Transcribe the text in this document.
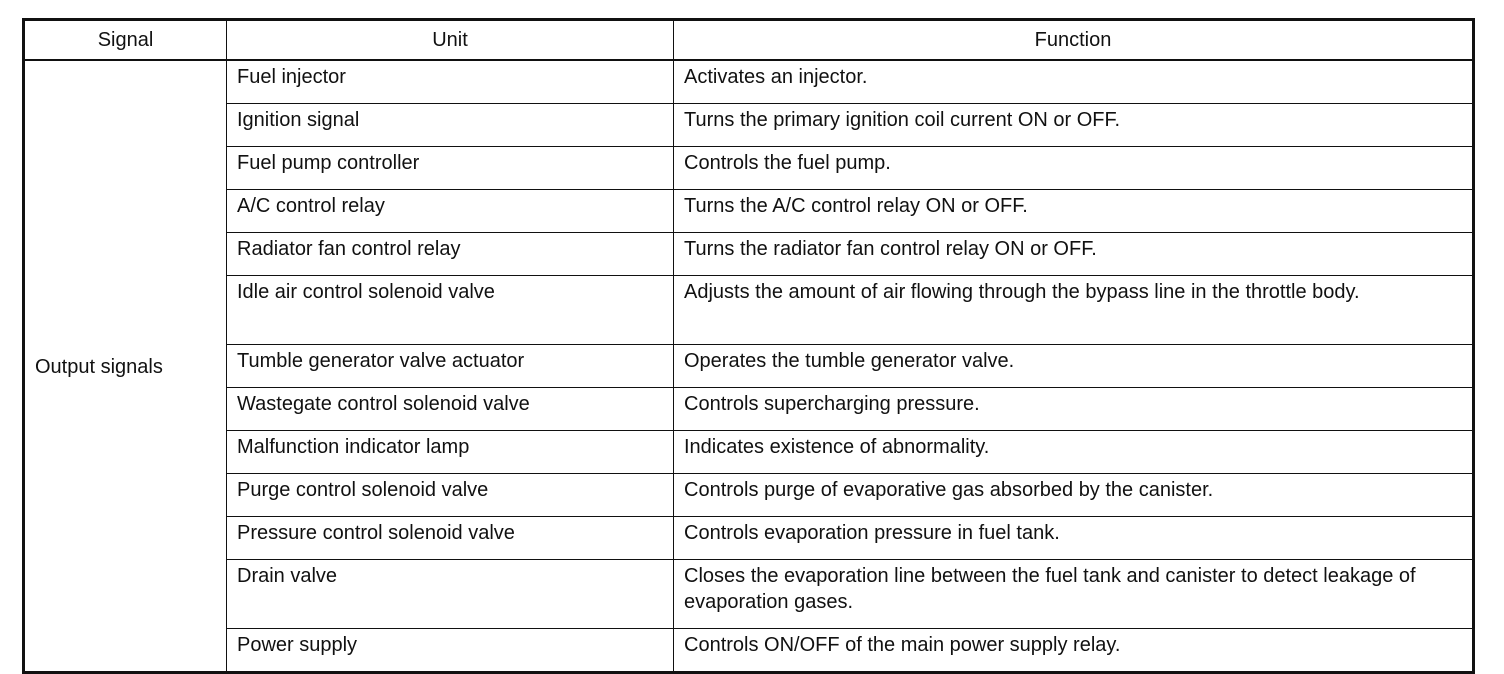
Signal	Unit	Function
Output signals	Fuel injector	Activates an injector.
	Ignition signal	Turns the primary ignition coil current ON or OFF.
	Fuel pump controller	Controls the fuel pump.
	A/C control relay	Turns the A/C control relay ON or OFF.
	Radiator fan control relay	Turns the radiator fan control relay ON or OFF.
	Idle air control solenoid valve	Adjusts the amount of air flowing through the bypass line in the throttle body.
	Tumble generator valve actuator	Operates the tumble generator valve.
	Wastegate control solenoid valve	Controls supercharging pressure.
	Malfunction indicator lamp	Indicates existence of abnormality.
	Purge control solenoid valve	Controls purge of evaporative gas absorbed by the canister.
	Pressure control solenoid valve	Controls evaporation pressure in fuel tank.
	Drain valve	Closes the evaporation line between the fuel tank and canister to detect leakage of evaporation gases.
	Power supply	Controls ON/OFF of the main power supply relay.
